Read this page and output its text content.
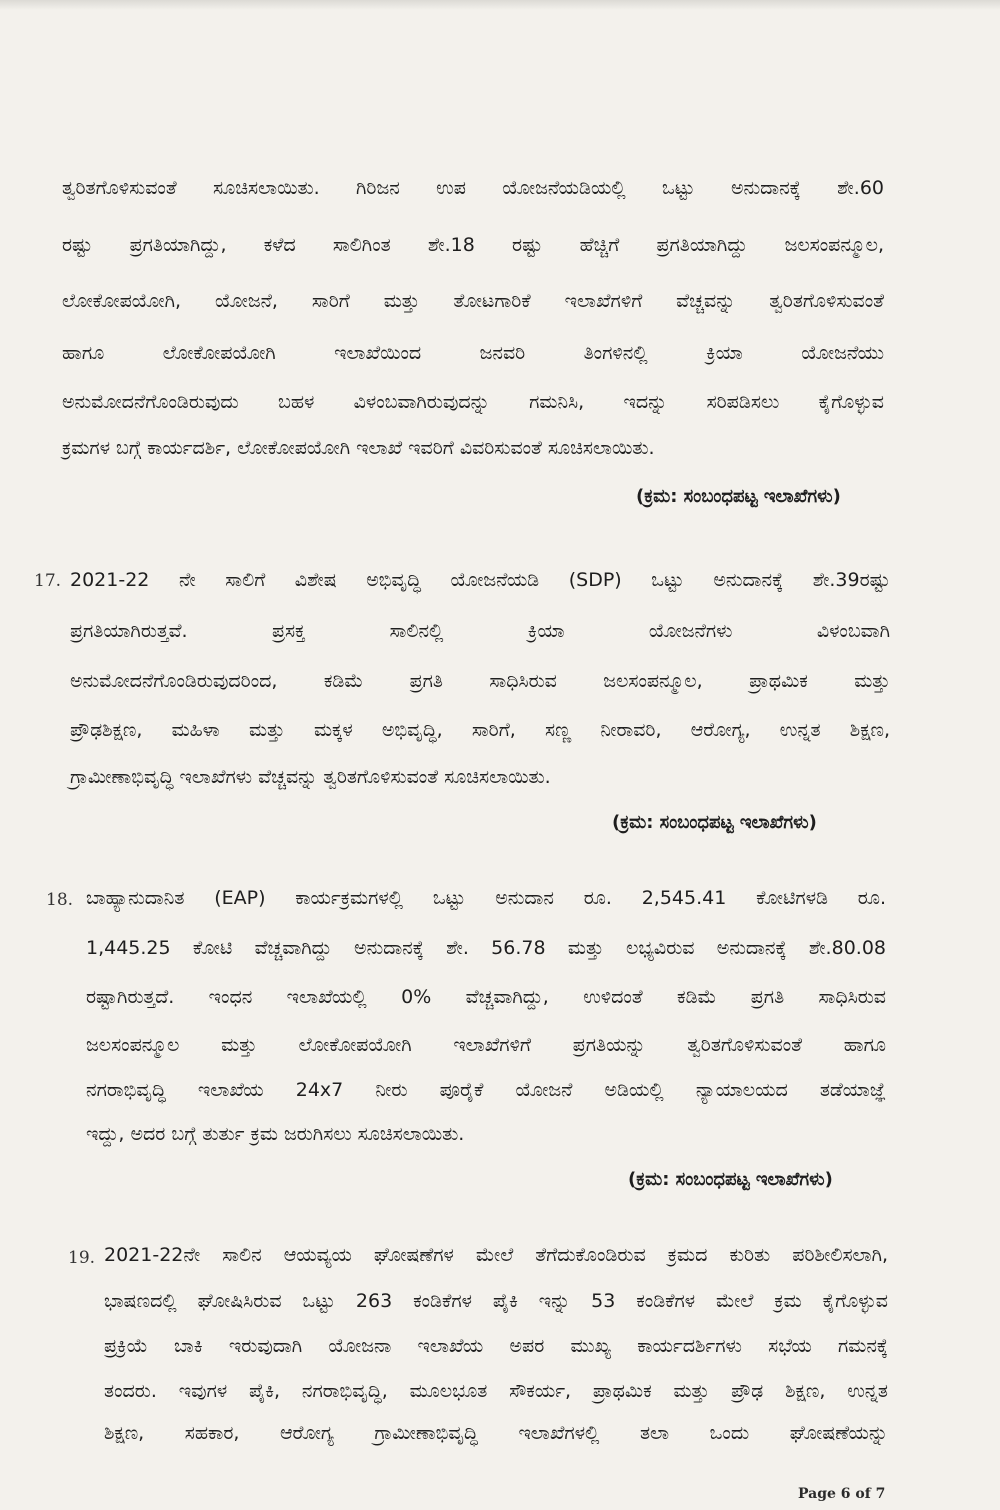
ತ್ವರಿತಗೊಳಿಸುವಂತೆ ಸೂಚಿಸಲಾಯಿತು. ಗಿರಿಜನ ಉಪ ಯೋಜನೆಯಡಿಯಲ್ಲಿ ಒಟ್ಟು ಅನುದಾನಕ್ಕೆ ಶೇ.60
ರಷ್ಟು ಪ್ರಗತಿಯಾಗಿದ್ದು, ಕಳೆದ ಸಾಲಿಗಿಂತ ಶೇ.18 ರಷ್ಟು ಹೆಚ್ಚಿಗೆ ಪ್ರಗತಿಯಾಗಿದ್ದು ಜಲಸಂಪನ್ಮೂಲ,
ಲೋಕೋಪಯೋಗಿ, ಯೋಜನೆ, ಸಾರಿಗೆ ಮತ್ತು ತೋಟಗಾರಿಕೆ ಇಲಾಖೆಗಳಿಗೆ ವೆಚ್ಚವನ್ನು ತ್ವರಿತಗೊಳಿಸುವಂತೆ
ಹಾಗೂ ಲೋಕೋಪಯೋಗಿ ಇಲಾಖೆಯಿಂದ ಜನವರಿ ತಿಂಗಳಿನಲ್ಲಿ ಕ್ರಿಯಾ ಯೋಜನೆಯು
ಅನುಮೋದನೆಗೊಂಡಿರುವುದು ಬಹಳ ವಿಳಂಬವಾಗಿರುವುದನ್ನು ಗಮನಿಸಿ, ಇದನ್ನು ಸರಿಪಡಿಸಲು ಕೈಗೊಳ್ಳುವ
ಕ್ರಮಗಳ ಬಗ್ಗೆ ಕಾರ್ಯದರ್ಶಿ, ಲೋಕೋಪಯೋಗಿ ಇಲಾಖೆ ಇವರಿಗೆ ವಿವರಿಸುವಂತೆ ಸೂಚಿಸಲಾಯಿತು.
(ಕ್ರಮ: ಸಂಬಂಧಪಟ್ಟ ಇಲಾಖೆಗಳು)
17. 2021-22 ನೇ ಸಾಲಿಗೆ ವಿಶೇಷ ಅಭಿವೃದ್ಧಿ ಯೋಜನೆಯಡಿ (SDP) ಒಟ್ಟು ಅನುದಾನಕ್ಕೆ ಶೇ.39ರಷ್ಟು
ಪ್ರಗತಿಯಾಗಿರುತ್ತವೆ. ಪ್ರಸಕ್ತ ಸಾಲಿನಲ್ಲಿ ಕ್ರಿಯಾ ಯೋಜನೆಗಳು ವಿಳಂಬವಾಗಿ
ಅನುಮೋದನೆಗೊಂಡಿರುವುದರಿಂದ, ಕಡಿಮೆ ಪ್ರಗತಿ ಸಾಧಿಸಿರುವ ಜಲಸಂಪನ್ಮೂಲ, ಪ್ರಾಥಮಿಕ ಮತ್ತು
ಪ್ರೌಢಶಿಕ್ಷಣ, ಮಹಿಳಾ ಮತ್ತು ಮಕ್ಕಳ ಅಭಿವೃದ್ಧಿ, ಸಾರಿಗೆ, ಸಣ್ಣ ನೀರಾವರಿ, ಆರೋಗ್ಯ, ಉನ್ನತ ಶಿಕ್ಷಣ,
ಗ್ರಾಮೀಣಾಭಿವೃದ್ಧಿ ಇಲಾಖೆಗಳು ವೆಚ್ಚವನ್ನು ತ್ವರಿತಗೊಳಿಸುವಂತೆ ಸೂಚಿಸಲಾಯಿತು.
(ಕ್ರಮ: ಸಂಬಂಧಪಟ್ಟ ಇಲಾಖೆಗಳು)
18. ಬಾಹ್ಯಾನುದಾನಿತ (EAP) ಕಾರ್ಯಕ್ರಮಗಳಲ್ಲಿ ಒಟ್ಟು ಅನುದಾನ ರೂ. 2,545.41 ಕೋಟಿಗಳಡಿ ರೂ.
1,445.25 ಕೋಟಿ ವೆಚ್ಚವಾಗಿದ್ದು ಅನುದಾನಕ್ಕೆ ಶೇ. 56.78 ಮತ್ತು ಲಭ್ಯವಿರುವ ಅನುದಾನಕ್ಕೆ ಶೇ.80.08
ರಷ್ಟಾಗಿರುತ್ತದೆ. ಇಂಧನ ಇಲಾಖೆಯಲ್ಲಿ 0% ವೆಚ್ಚವಾಗಿದ್ದು, ಉಳಿದಂತೆ ಕಡಿಮೆ ಪ್ರಗತಿ ಸಾಧಿಸಿರುವ
ಜಲಸಂಪನ್ಮೂಲ ಮತ್ತು ಲೋಕೋಪಯೋಗಿ ಇಲಾಖೆಗಳಿಗೆ ಪ್ರಗತಿಯನ್ನು ತ್ವರಿತಗೊಳಿಸುವಂತೆ ಹಾಗೂ
ನಗರಾಭಿವೃದ್ಧಿ ಇಲಾಖೆಯ 24x7 ನೀರು ಪೂರೈಕೆ ಯೋಜನೆ ಅಡಿಯಲ್ಲಿ ನ್ಯಾಯಾಲಯದ ತಡೆಯಾಜ್ಞೆ
ಇದ್ದು, ಅದರ ಬಗ್ಗೆ ತುರ್ತು ಕ್ರಮ ಜರುಗಿಸಲು ಸೂಚಿಸಲಾಯಿತು.
(ಕ್ರಮ: ಸಂಬಂಧಪಟ್ಟ ಇಲಾಖೆಗಳು)
19. 2021-22ನೇ ಸಾಲಿನ ಆಯವ್ಯಯ ಘೋಷಣೆಗಳ ಮೇಲೆ ತೆಗೆದುಕೊಂಡಿರುವ ಕ್ರಮದ ಕುರಿತು ಪರಿಶೀಲಿಸಲಾಗಿ,
ಭಾಷಣದಲ್ಲಿ ಘೋಷಿಸಿರುವ ಒಟ್ಟು 263 ಕಂಡಿಕೆಗಳ ಪೈಕಿ ಇನ್ನು 53 ಕಂಡಿಕೆಗಳ ಮೇಲೆ ಕ್ರಮ ಕೈಗೊಳ್ಳುವ
ಪ್ರಕ್ರಿಯೆ ಬಾಕಿ ಇರುವುದಾಗಿ ಯೋಜನಾ ಇಲಾಖೆಯ ಅಪರ ಮುಖ್ಯ ಕಾರ್ಯದರ್ಶಿಗಳು ಸಭೆಯ ಗಮನಕ್ಕೆ
ತಂದರು. ಇವುಗಳ ಪೈಕಿ, ನಗರಾಭಿವೃದ್ಧಿ, ಮೂಲಭೂತ ಸೌಕರ್ಯ, ಪ್ರಾಥಮಿಕ ಮತ್ತು ಪ್ರೌಢ ಶಿಕ್ಷಣ, ಉನ್ನತ
ಶಿಕ್ಷಣ, ಸಹಕಾರ, ಆರೋಗ್ಯ ಗ್ರಾಮೀಣಾಭಿವೃದ್ಧಿ ಇಲಾಖೆಗಳಲ್ಲಿ ತಲಾ ಒಂದು ಘೋಷಣೆಯನ್ನು
Page 6 of 7
